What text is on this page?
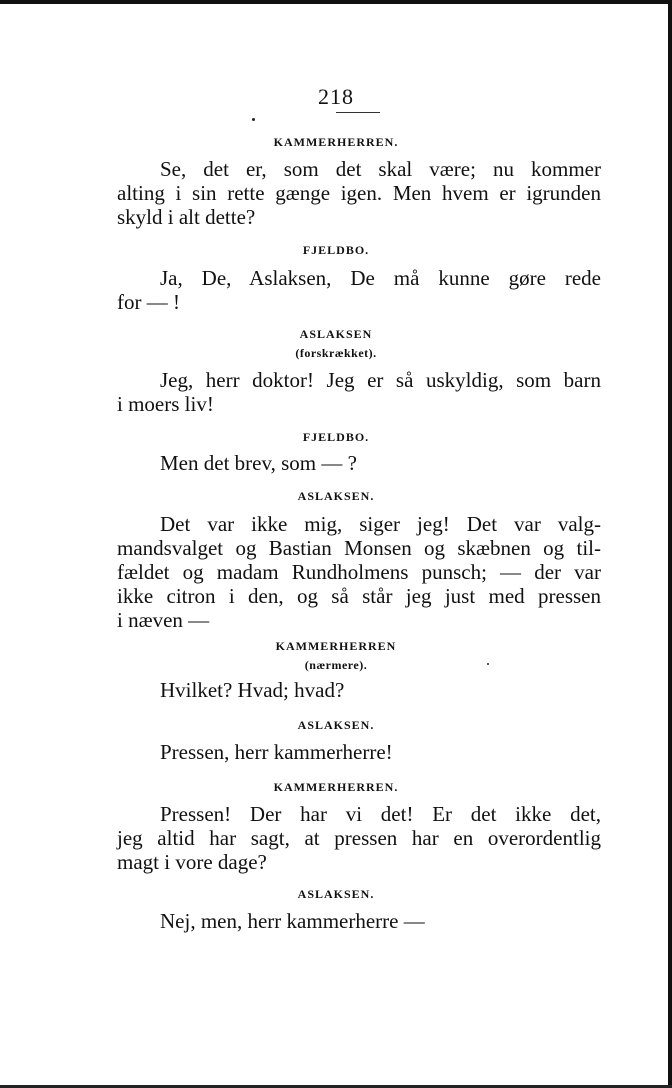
218
KAMMERHERREN.
Se, det er, som det skal være; nu kommer
alting i sin rette gænge igen. Men hvem er igrunden
skyld i alt dette?
FJELDBO.
Ja, De, Aslaksen, De må kunne gøre rede
for — !
ASLAKSEN
(forskrækket).
Jeg, herr doktor! Jeg er så uskyldig, som barn
i moers liv!
FJELDBO.
Men det brev, som — ?
ASLAKSEN.
Det var ikke mig, siger jeg! Det var valg-
mandsvalget og Bastian Monsen og skæbnen og til-
fældet og madam Rundholmens punsch; — der var
ikke citron i den, og så står jeg just med pressen
i næven —
KAMMERHERREN
(nærmere).
Hvilket? Hvad; hvad?
ASLAKSEN.
Pressen, herr kammerherre!
KAMMERHERREN.
Pressen! Der har vi det! Er det ikke det,
jeg altid har sagt, at pressen har en overordentlig
magt i vore dage?
ASLAKSEN.
Nej, men, herr kammerherre —
